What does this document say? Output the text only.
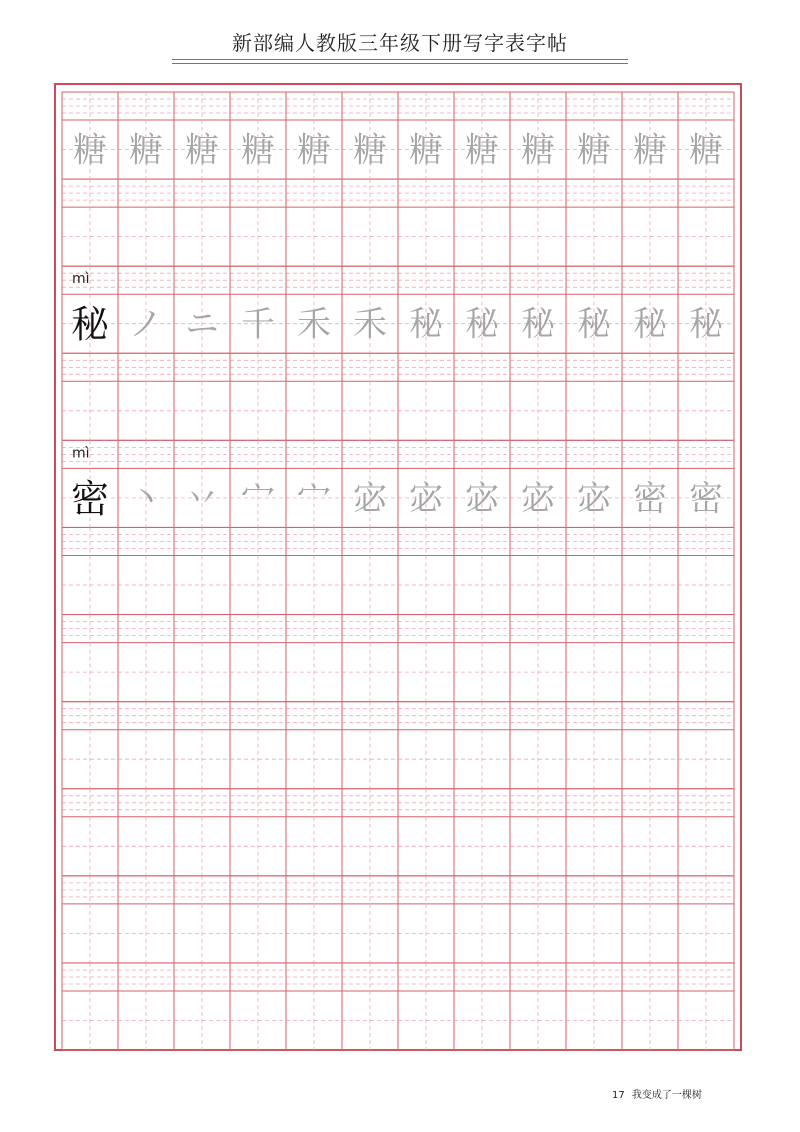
新部编人教版三年级下册写字表字帖
糖 糖 糖 糖 糖 糖 糖 糖 糖 糖 糖 糖
秘
mì
ノ ニ 千 禾 禾 秘 秘 秘 秘 秘 秘
密
mì
丶 丷 宀 宀 宓 宓 宓 宓 宓 密 密
17 我变成了一棵树
